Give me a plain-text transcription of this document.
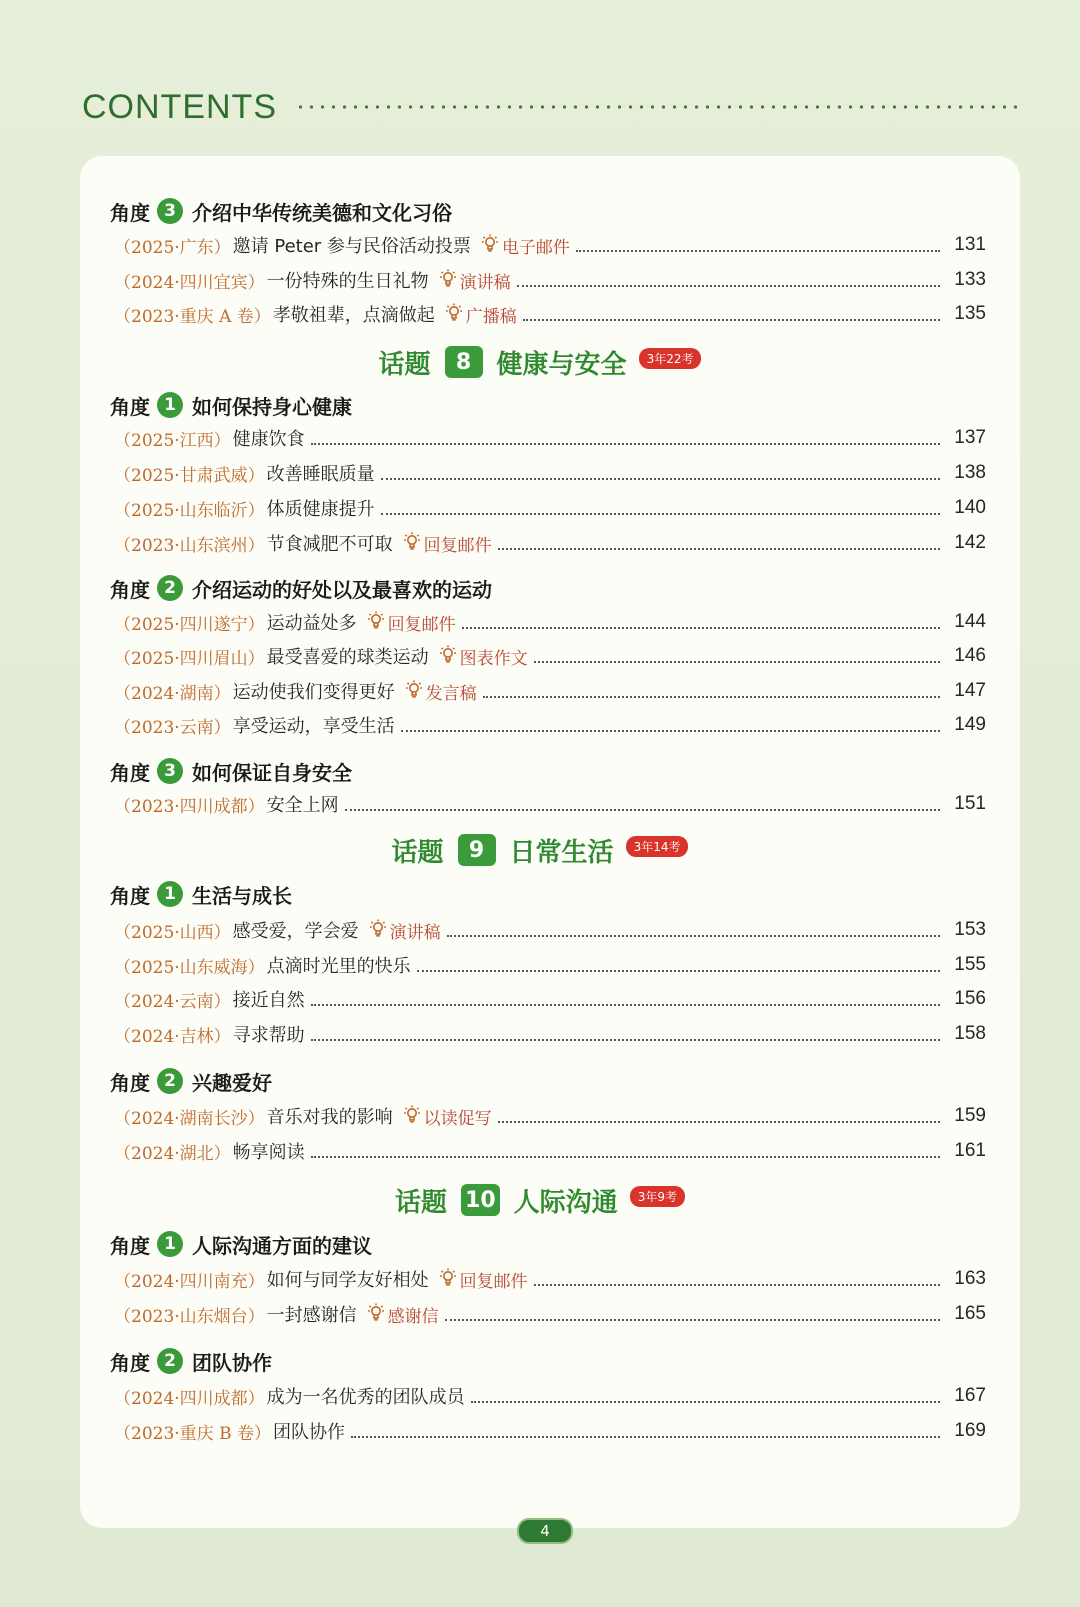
CONTENTS
角度 3 介绍中华传统美德和文化习俗
（2025·广东） 邀请 Peter 参与民俗活动投票 电子邮件	131
（2024·四川宜宾） 一份特殊的生日礼物 演讲稿	133
（2023·重庆 A 卷） 孝敬祖辈，点滴做起 广播稿	135
话题	8 健康与安全	3年22考
角度 1 如何保持身心健康
（2025·江西） 健康饮食	137
（2025·甘肃武威） 改善睡眠质量	138
（2025·山东临沂） 体质健康提升	140
（2023·山东滨州） 节食减肥不可取 回复邮件	142
角度 2 介绍运动的好处以及最喜欢的运动
（2025·四川遂宁） 运动益处多 回复邮件	144
（2025·四川眉山） 最受喜爱的球类运动 图表作文	146
（2024·湖南） 运动使我们变得更好 发言稿	147
（2023·云南） 享受运动，享受生活	149
角度 3 如何保证自身安全
（2023·四川成都） 安全上网	151
话题	9 日常生活	3年14考
角度 1 生活与成长
（2025·山西） 感受爱，学会爱 演讲稿	153
（2025·山东威海） 点滴时光里的快乐	155
（2024·云南） 接近自然	156
（2024·吉林） 寻求帮助	158
角度 2 兴趣爱好
（2024·湖南长沙） 音乐对我的影响 以读促写	159
（2024·湖北） 畅享阅读	161
话题 10 人际沟通	3年9考
角度 1 人际沟通方面的建议
（2024·四川南充） 如何与同学友好相处 回复邮件	163
（2023·山东烟台） 一封感谢信 感谢信	165
角度 2 团队协作
（2024·四川成都） 成为一名优秀的团队成员	167
（2023·重庆 B 卷） 团队协作	169
4
